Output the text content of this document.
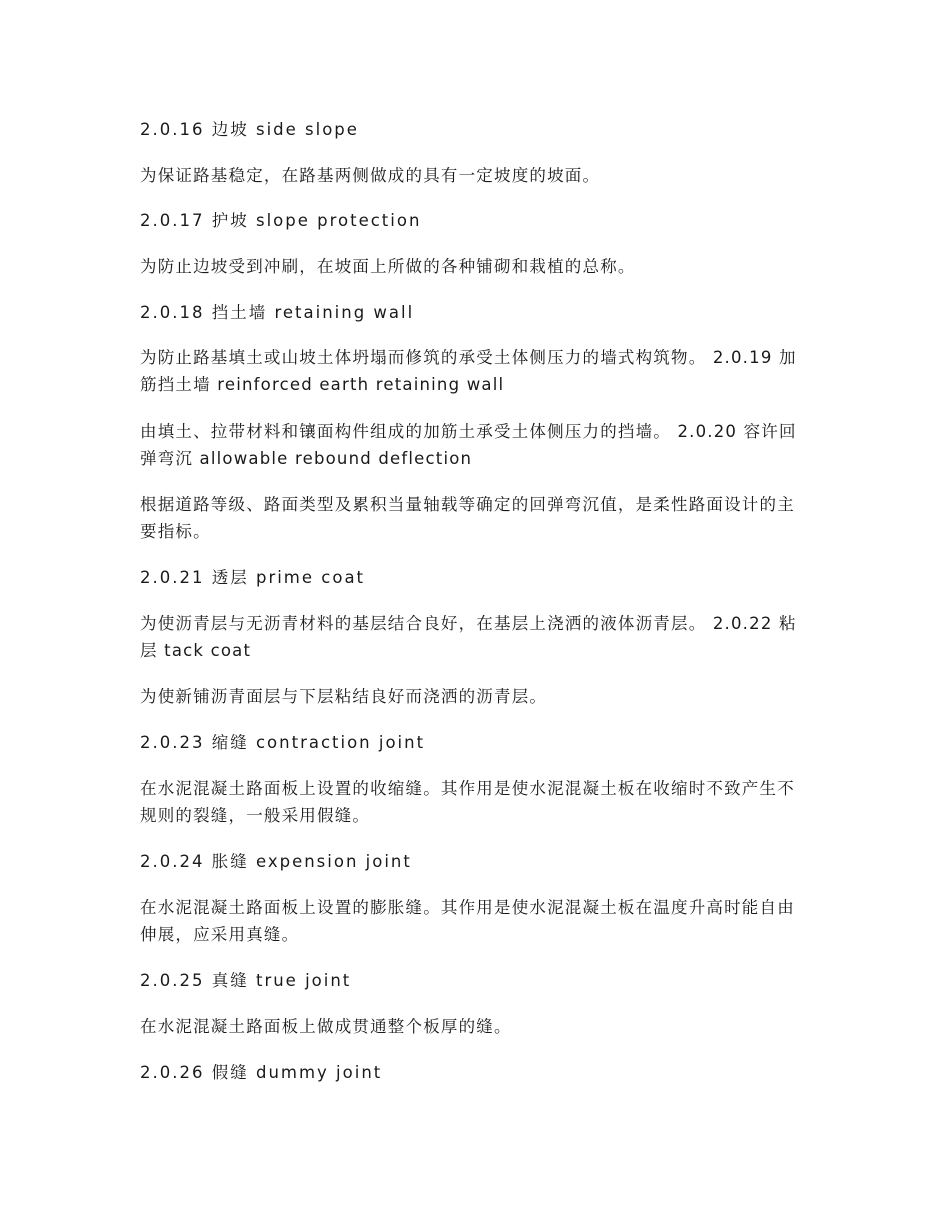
2.0.16 边坡 side slope

为保证路基稳定，在路基两侧做成的具有一定坡度的坡面。

2.0.17 护坡 slope protection

为防止边坡受到冲刷，在坡面上所做的各种铺砌和栽植的总称。

2.0.18 挡土墙 retaining wall

为防止路基填土或山坡土体坍塌而修筑的承受土体侧压力的墙式构筑物。 2.0.19 加筋挡土墙 reinforced earth retaining wall

由填土、拉带材料和镶面构件组成的加筋土承受土体侧压力的挡墙。 2.0.20 容许回弹弯沉 allowable rebound deflection

根据道路等级、路面类型及累积当量轴载等确定的回弹弯沉值，是柔性路面设计的主要指标。

2.0.21 透层 prime coat

为使沥青层与无沥青材料的基层结合良好，在基层上浇洒的液体沥青层。 2.0.22 粘层 tack coat

为使新铺沥青面层与下层粘结良好而浇洒的沥青层。

2.0.23 缩缝 contraction joint

在水泥混凝土路面板上设置的收缩缝。其作用是使水泥混凝土板在收缩时不致产生不规则的裂缝，一般采用假缝。

2.0.24 胀缝 expension joint

在水泥混凝土路面板上设置的膨胀缝。其作用是使水泥混凝土板在温度升高时能自由伸展，应采用真缝。

2.0.25 真缝 true joint

在水泥混凝土路面板上做成贯通整个板厚的缝。

2.0.26 假缝 dummy joint
